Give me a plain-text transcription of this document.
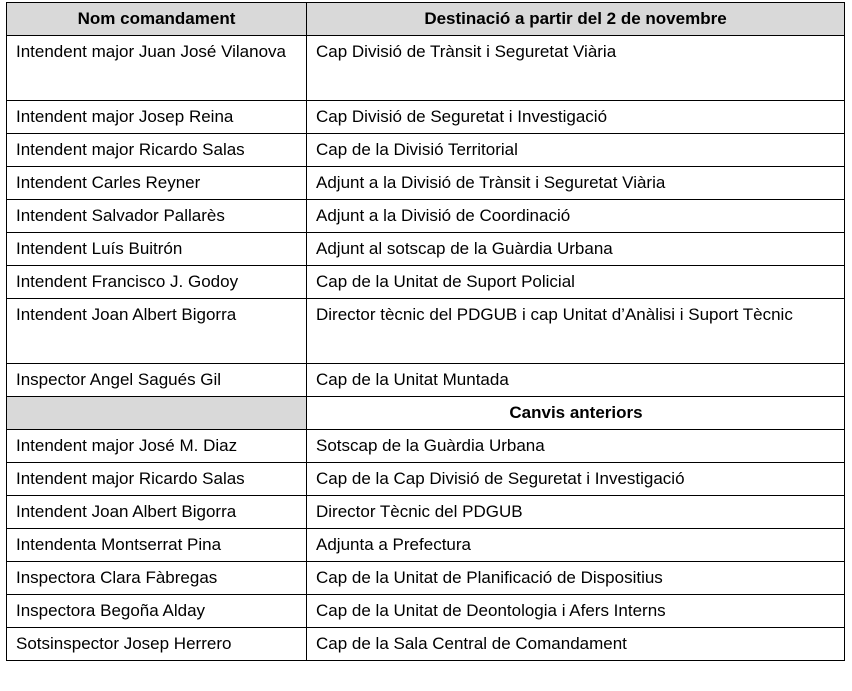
Nom comandament	Destinació a partir del 2 de novembre
Intendent major Juan José Vilanova	Cap Divisió de Trànsit i Seguretat Viària
Intendent major Josep Reina	Cap Divisió de Seguretat i Investigació
Intendent major Ricardo Salas	Cap de la Divisió Territorial
Intendent Carles Reyner	Adjunt a la Divisió de Trànsit i Seguretat Viària
Intendent Salvador Pallarès	Adjunt a la Divisió de Coordinació
Intendent Luís Buitrón	Adjunt al sotscap de la Guàrdia Urbana
Intendent Francisco J. Godoy	Cap de la Unitat de Suport Policial
Intendent Joan Albert Bigorra	Director tècnic del PDGUB i cap Unitat d’Anàlisi i Suport Tècnic
Inspector Angel Sagués Gil	Cap de la Unitat Muntada
	Canvis anteriors
Intendent major José M. Diaz	Sotscap de la Guàrdia Urbana
Intendent major Ricardo Salas	Cap de la Cap Divisió de Seguretat i Investigació
Intendent Joan Albert Bigorra	Director Tècnic del PDGUB
Intendenta Montserrat Pina	Adjunta a Prefectura
Inspectora Clara Fàbregas	Cap de la Unitat de Planificació de Dispositius
Inspectora Begoña Alday	Cap de la Unitat de Deontologia i Afers Interns
Sotsinspector Josep Herrero	Cap de la Sala Central de Comandament
